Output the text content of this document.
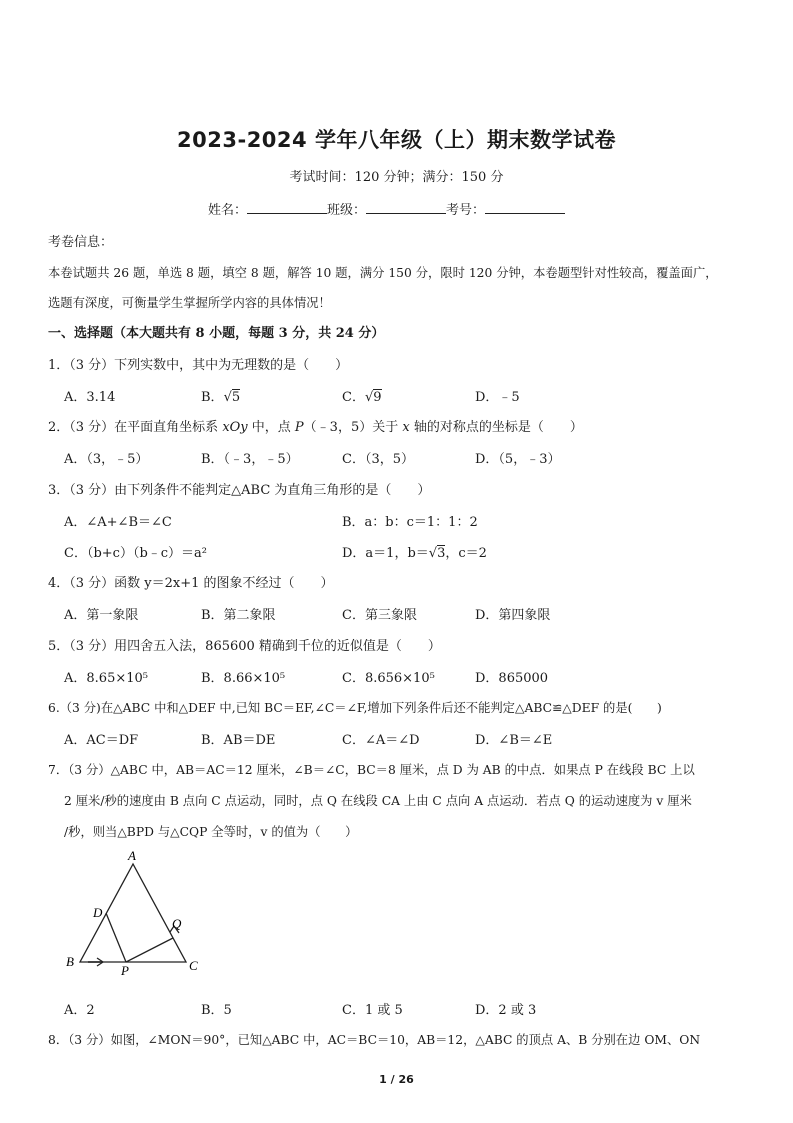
2023-2024 学年八年级（上）期末数学试卷
考试时间：120 分钟；满分：150 分
姓名：	班级：	考号：
考卷信息：
本卷试题共 26 题，单选 8 题，填空 8 题，解答 10 题，满分 150 分，限时 120 分钟，本卷题型针对性较高，覆盖面广，
选题有深度，可衡量学生掌握所学内容的具体情况！
一、选择题（本大题共有 8 小题，每题 3 分，共 24 分）
1．（3 分）下列实数中，其中为无理数的是（　　）
A．3.14	B．√5	C．√9	D．﹣5
2．（3 分）在平面直角坐标系 xOy 中，点 P（﹣3，5）关于 x 轴的对称点的坐标是（　　）
A．（3，﹣5）	B．（﹣3，﹣5）	C．（3，5）	D．（5，﹣3）
3．（3 分）由下列条件不能判定△ABC 为直角三角形的是（　　）
A．∠A+∠B＝∠C	B．a：b：c＝1：1：2
C．（b+c）（b﹣c）＝a²	D．a＝1，b＝√3，c＝2
4．（3 分）函数 y＝2x+1 的图象不经过（　　）
A．第一象限	B．第二象限	C．第三象限	D．第四象限
5．（3 分）用四舍五入法，865600 精确到千位的近似值是（　　）
A．8.65×10⁵	B．8.66×10⁵	C．8.656×10⁵	D．865000
6.（3 分)在△ABC 中和△DEF 中,已知 BC＝EF,∠C＝∠F,增加下列条件后还不能判定△ABC≌△DEF 的是(　　)
A．AC＝DF	B．AB＝DE	C．∠A＝∠D	D．∠B＝∠E
7．（3 分）△ABC 中，AB＝AC＝12 厘米，∠B＝∠C，BC＝8 厘米，点 D 为 AB 的中点．如果点 P 在线段 BC 上以
2 厘米/秒的速度由 B 点向 C 点运动，同时，点 Q 在线段 CA 上由 C 点向 A 点运动．若点 Q 的运动速度为 v 厘米
/秒，则当△BPD 与△CQP 全等时，v 的值为（　　）
A
B	C
D
P
Q
A．2	B．5	C．1 或 5	D．2 或 3
8．（3 分）如图，∠MON＝90°，已知△ABC 中，AC＝BC＝10，AB＝12，△ABC 的顶点 A、B 分别在边 OM、ON
1 / 26
